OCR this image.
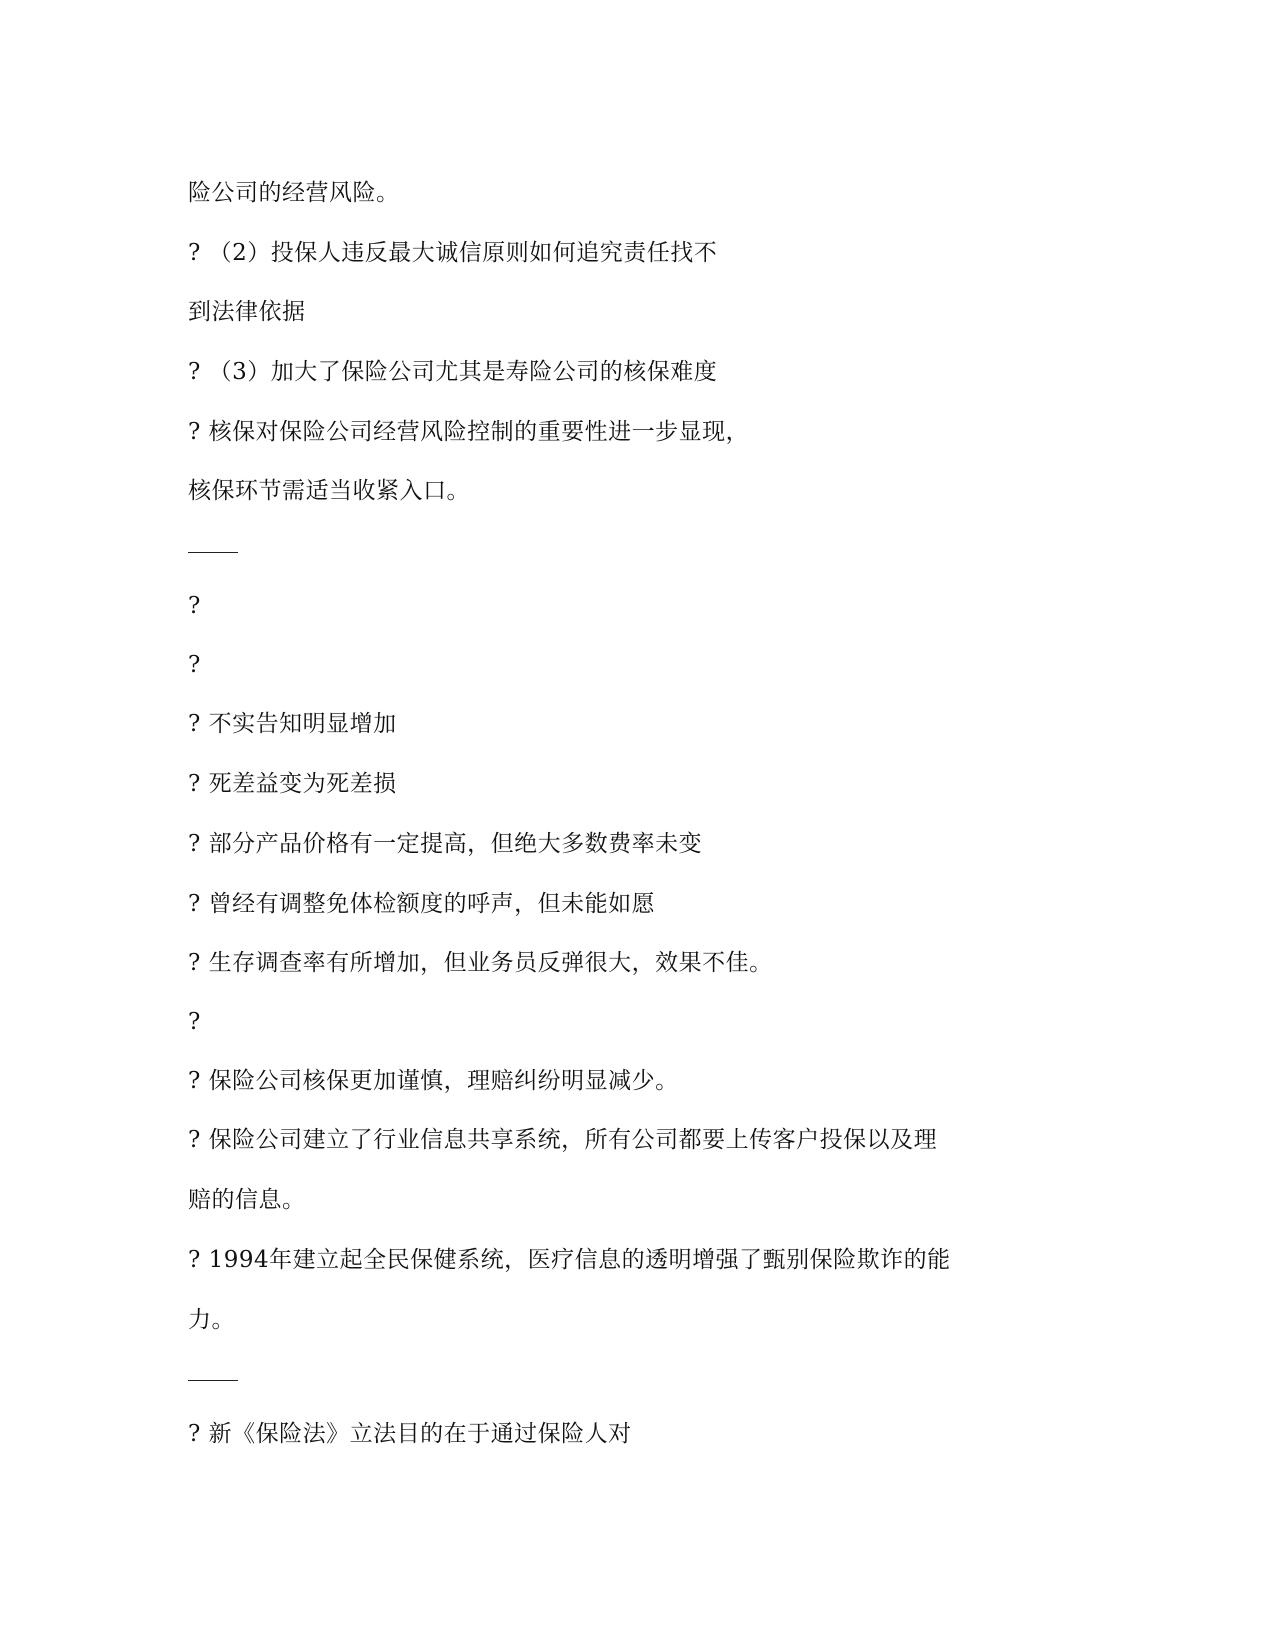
险公司的经营风险。
? （2）投保人违反最大诚信原则如何追究责任找不
到法律依据
? （3）加大了保险公司尤其是寿险公司的核保难度
? 核保对保险公司经营风险控制的重要性进一步显现，
核保环节需适当收紧入口。
?
?
? 不实告知明显增加
? 死差益变为死差损
? 部分产品价格有一定提高，但绝大多数费率未变
? 曾经有调整免体检额度的呼声，但未能如愿
? 生存调查率有所增加，但业务员反弹很大，效果不佳。
?
? 保险公司核保更加谨慎，理赔纠纷明显减少。
? 保险公司建立了行业信息共享系统，所有公司都要上传客户投保以及理
赔的信息。
? 1994年建立起全民保健系统，医疗信息的透明增强了甄别保险欺诈的能
力。
? 新《保险法》立法目的在于通过保险人对
